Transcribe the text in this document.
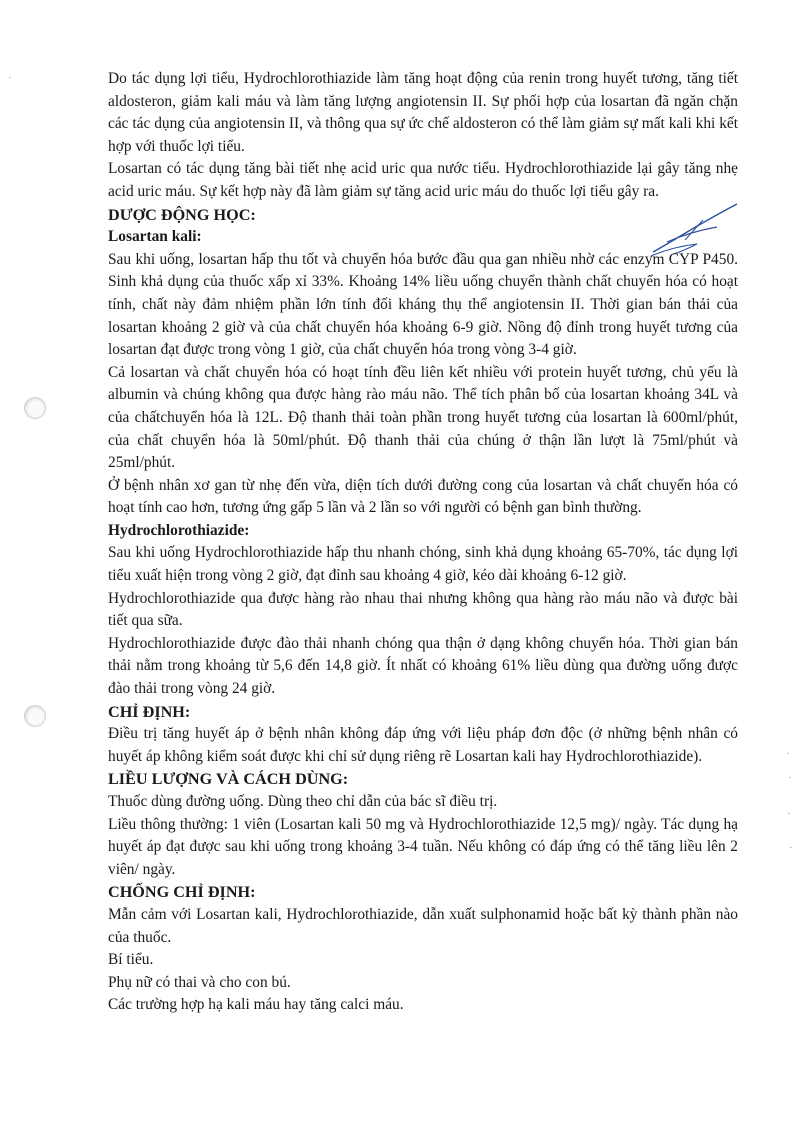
·
·
·
·
·

Do tác dụng lợi tiểu, Hydrochlorothiazide làm tăng hoạt động của renin trong huyết tương, tăng tiết aldosteron, giảm kali máu và làm tăng lượng angiotensin II. Sự phối hợp của losartan đã ngăn chặn các tác dụng của angiotensin II, và thông qua sự ức chế aldosteron có thể làm giảm sự mất kali khi kết hợp với thuốc lợi tiểu.

Losartan có tác dụng tăng bài tiết nhẹ acid uric qua nước tiểu. Hydrochlorothiazide lại gây tăng nhẹ acid uric máu. Sự kết hợp này đã làm giảm sự tăng acid uric máu do thuốc lợi tiểu gây ra.

DƯỢC ĐỘNG HỌC:
Losartan kali:

Sau khi uống, losartan hấp thu tốt và chuyển hóa bước đầu qua gan nhiều nhờ các enzym CYP P450. Sinh khả dụng của thuốc xấp xỉ 33%. Khoảng 14% liều uống chuyển thành chất chuyển hóa có hoạt tính, chất này đảm nhiệm phần lớn tính đối kháng thụ thể angiotensin II. Thời gian bán thải của losartan khoảng 2 giờ và của chất chuyển hóa khoảng 6-9 giờ. Nồng độ đỉnh trong huyết tương của losartan đạt được trong vòng 1 giờ, của chất chuyển hóa trong vòng 3-4 giờ.

Cả losartan và chất chuyển hóa có hoạt tính đều liên kết nhiều với protein huyết tương, chủ yếu là albumin và chúng không qua được hàng rào máu não. Thể tích phân bố của losartan khoảng 34L và của chấtchuyển hóa là 12L. Độ thanh thải toàn phần trong huyết tương của losartan là 600ml/phút, của chất chuyển hóa là 50ml/phút. Độ thanh thải của chúng ở thận lần lượt là 75ml/phút và 25ml/phút.

Ở bệnh nhân xơ gan từ nhẹ đến vừa, diện tích dưới đường cong của losartan và chất chuyển hóa có hoạt tính cao hơn, tương ứng gấp 5 lần và 2 lần so với người có bệnh gan bình thường.

Hydrochlorothiazide:

Sau khi uống Hydrochlorothiazide hấp thu nhanh chóng, sinh khả dụng khoảng 65-70%, tác dụng lợi tiểu xuất hiện trong vòng 2 giờ, đạt đỉnh sau khoảng 4 giờ, kéo dài khoảng 6-12 giờ.

Hydrochlorothiazide qua được hàng rào nhau thai nhưng không qua hàng rào máu não và được bài tiết qua sữa.

Hydrochlorothiazide được đào thải nhanh chóng qua thận ở dạng không chuyển hóa. Thời gian bán thải nằm trong khoảng từ 5,6 đến 14,8 giờ. Ít nhất có khoảng 61% liều dùng qua đường uống được đào thải trong vòng 24 giờ.

CHỈ ĐỊNH:

Điều trị tăng huyết áp ở bệnh nhân không đáp ứng với liệu pháp đơn độc (ở những bệnh nhân có huyết áp không kiểm soát được khi chỉ sử dụng riêng rẽ Losartan kali hay Hydrochlorothiazide).

LIỀU LƯỢNG VÀ CÁCH DÙNG:

Thuốc dùng đường uống. Dùng theo chỉ dẫn của bác sĩ điều trị.

Liều thông thường: 1 viên (Losartan kali 50 mg và Hydrochlorothiazide 12,5 mg)/ ngày. Tác dụng hạ huyết áp đạt được sau khi uống trong khoảng 3-4 tuần. Nếu không có đáp ứng có thể tăng liều lên 2 viên/ ngày.

CHỐNG CHỈ ĐỊNH:

Mẫn cảm với Losartan kali, Hydrochlorothiazide, dẫn xuất sulphonamid hoặc bất kỳ thành phần nào của thuốc.

Bí tiểu.

Phụ nữ có thai và cho con bú.

Các trường hợp hạ kali máu hay tăng calci máu.
